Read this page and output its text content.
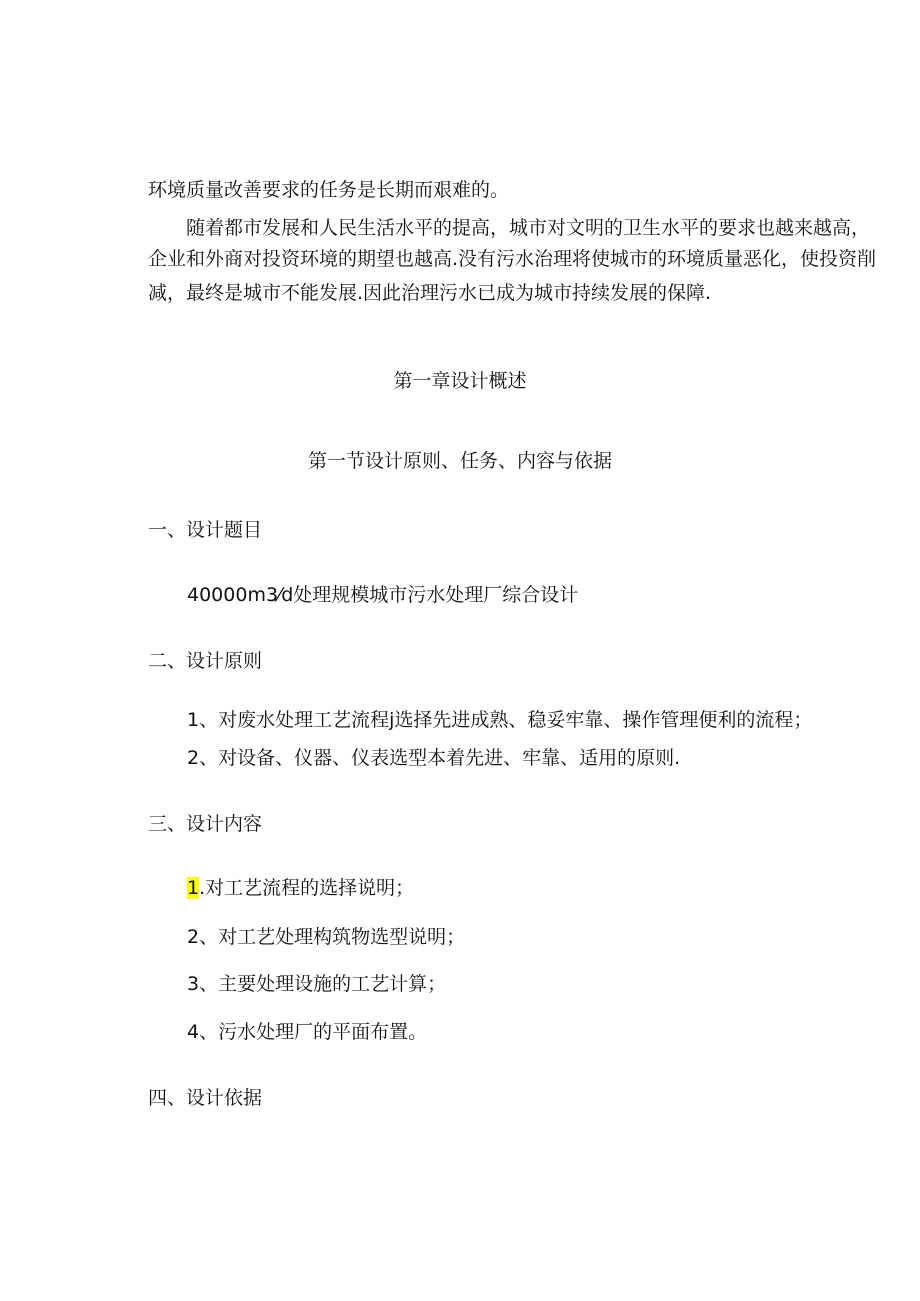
环境质量改善要求的任务是长期而艰难的。

随着都市发展和人民生活水平的提高，城市对文明的卫生水平的要求也越来越高，

企业和外商对投资环境的期望也越高.没有污水治理将使城市的环境质量恶化，使投资削

减，最终是城市不能发展.因此治理污水已成为城市持续发展的保障.

第一章设计概述

第一节设计原则、任务、内容与依据

一、设计题目

40000m3⁄d处理规模城市污水处理厂综合设计

二、设计原则

1、对废水处理工艺流程j选择先进成熟、稳妥牢靠、操作管理便利的流程；

2、对设备、仪器、仪表选型本着先进、牢靠、适用的原则.

三、设计内容

1.对工艺流程的选择说明；

2、对工艺处理构筑物选型说明；

3、主要处理设施的工艺计算；

4、污水处理厂的平面布置。

四、设计依据
